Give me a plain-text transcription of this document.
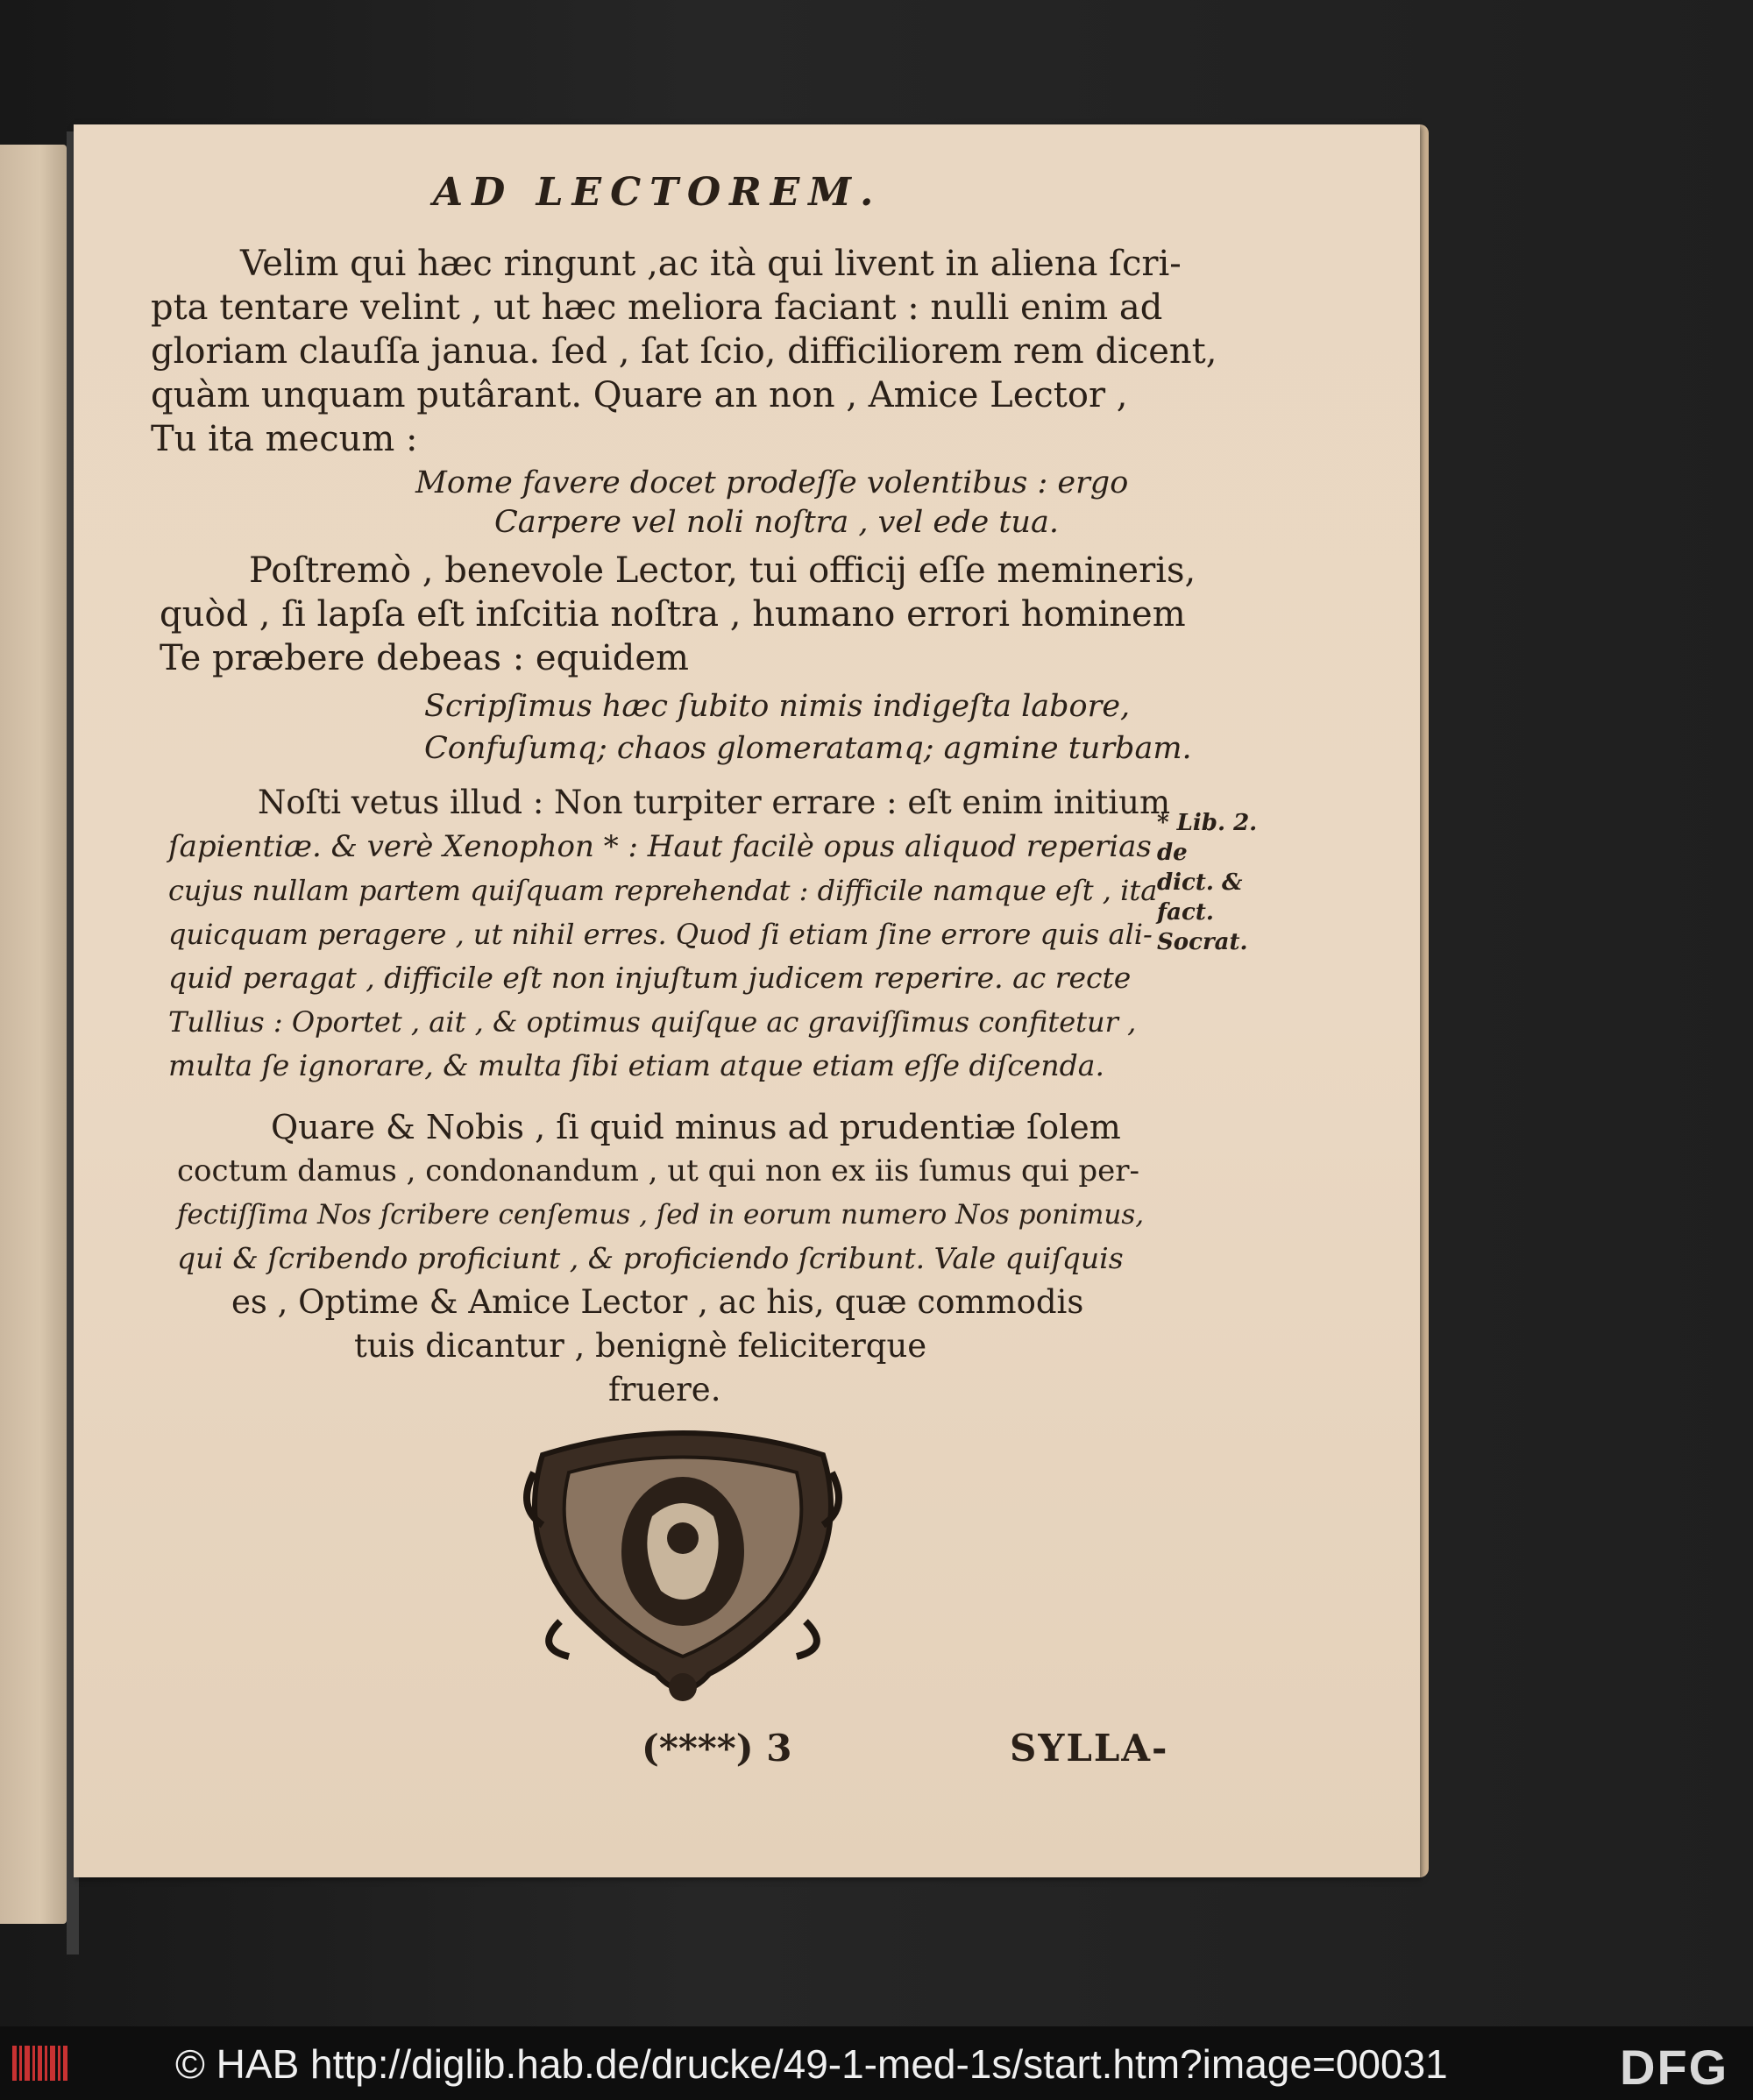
AD LECTOREM.
Velim qui hæc ringunt ,ac ità qui livent in aliena ſcri-
pta tentare velint , ut hæc meliora faciant : nulli enim ad
gloriam clauſſa janua. ſed , ſat ſcio, difficiliorem rem dicent,
quàm unquam putârant. Quare an non , Amice Lector ,
Tu ita mecum :
Mome favere docet prodeſſe volentibus : ergo
Carpere vel noli noſtra , vel ede tua.
Poſtremò , benevole Lector, tui officij eſſe memineris,
quòd , ſi lapſa eſt inſcitia noſtra , humano errori hominem
Te præbere debeas : equidem
Scripſimus hæc ſubito nimis indigeſta labore,
Confuſumq; chaos glomeratamq; agmine turbam.
Noſti vetus illud : Non turpiter errare : eſt enim initium
ſapientiæ. & verè Xenophon * : Haut facilè opus aliquod reperias
cujus nullam partem quiſquam reprehendat : difficile namque eſt , ita
quicquam peragere , ut nihil erres. Quod ſi etiam ſine errore quis ali-
quid peragat , difficile eſt non injuſtum judicem reperire. ac recte
Tullius : Oportet , ait , & optimus quiſque ac graviſſimus confitetur ,
multa ſe ignorare, & multa ſibi etiam atque etiam eſſe diſcenda.
* Lib. 2. de
dict. & fact.
Socrat.
Quare & Nobis , ſi quid minus ad prudentiæ ſolem
coctum damus , condonandum , ut qui non ex iis ſumus qui per-
fectiſſima Nos ſcribere cenſemus , ſed in eorum numero Nos ponimus,
qui & ſcribendo proficiunt , & proficiendo ſcribunt. Vale quiſquis
es , Optime & Amice Lector , ac his, quæ commodis
tuis dicantur , benignè feliciterque
fruere.
(****) 3	SYLLA-
© HAB http://diglib.hab.de/drucke/49-1-med-1s/start.htm?image=00031	DFG
